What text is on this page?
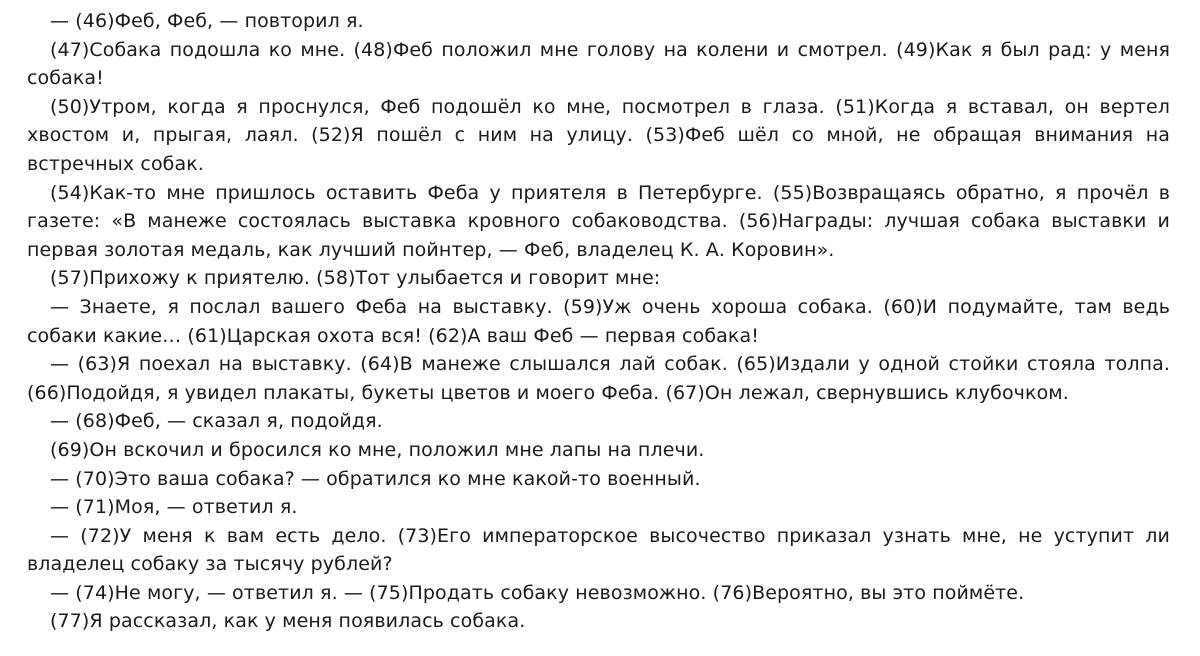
— (46)Феб, Феб, — повторил я.

(47)Собака подошла ко мне. (48)Феб положил мне голову на колени и смотрел. (49)Как я был рад: у меня собака!

(50)Утром, когда я проснулся, Феб подошёл ко мне, посмотрел в глаза. (51)Когда я вставал, он вертел хвостом и, прыгая, лаял. (52)Я пошёл с ним на улицу. (53)Феб шёл со мной, не обращая внимания на встречных собак.

(54)Как-то мне пришлось оставить Феба у приятеля в Петербурге. (55)Возвращаясь обратно, я прочёл в газете: «В манеже состоялась выставка кровного собаководства. (56)Награды: лучшая собака выставки и первая золотая медаль, как лучший пойнтер, — Феб, владелец К. А. Коровин».

(57)Прихожу к приятелю. (58)Тот улыбается и говорит мне:

— Знаете, я послал вашего Феба на выставку. (59)Уж очень хороша собака. (60)И подумайте, там ведь собаки какие… (61)Царская охота вся! (62)А ваш Феб — первая собака!

— (63)Я поехал на выставку. (64)В манеже слышался лай собак. (65)Издали у одной стойки стояла толпа. (66)Подойдя, я увидел плакаты, букеты цветов и моего Феба. (67)Он лежал, свернувшись клубочком.

— (68)Феб, — сказал я, подойдя.

(69)Он вскочил и бросился ко мне, положил мне лапы на плечи.

— (70)Это ваша собака? — обратился ко мне какой-то военный.

— (71)Моя, — ответил я.

— (72)У меня к вам есть дело. (73)Его императорское высочество приказал узнать мне, не уступит ли владелец собаку за тысячу рублей?

— (74)Не могу, — ответил я. — (75)Продать собаку невозможно. (76)Вероятно, вы это поймёте.

(77)Я рассказал, как у меня появилась собака.
